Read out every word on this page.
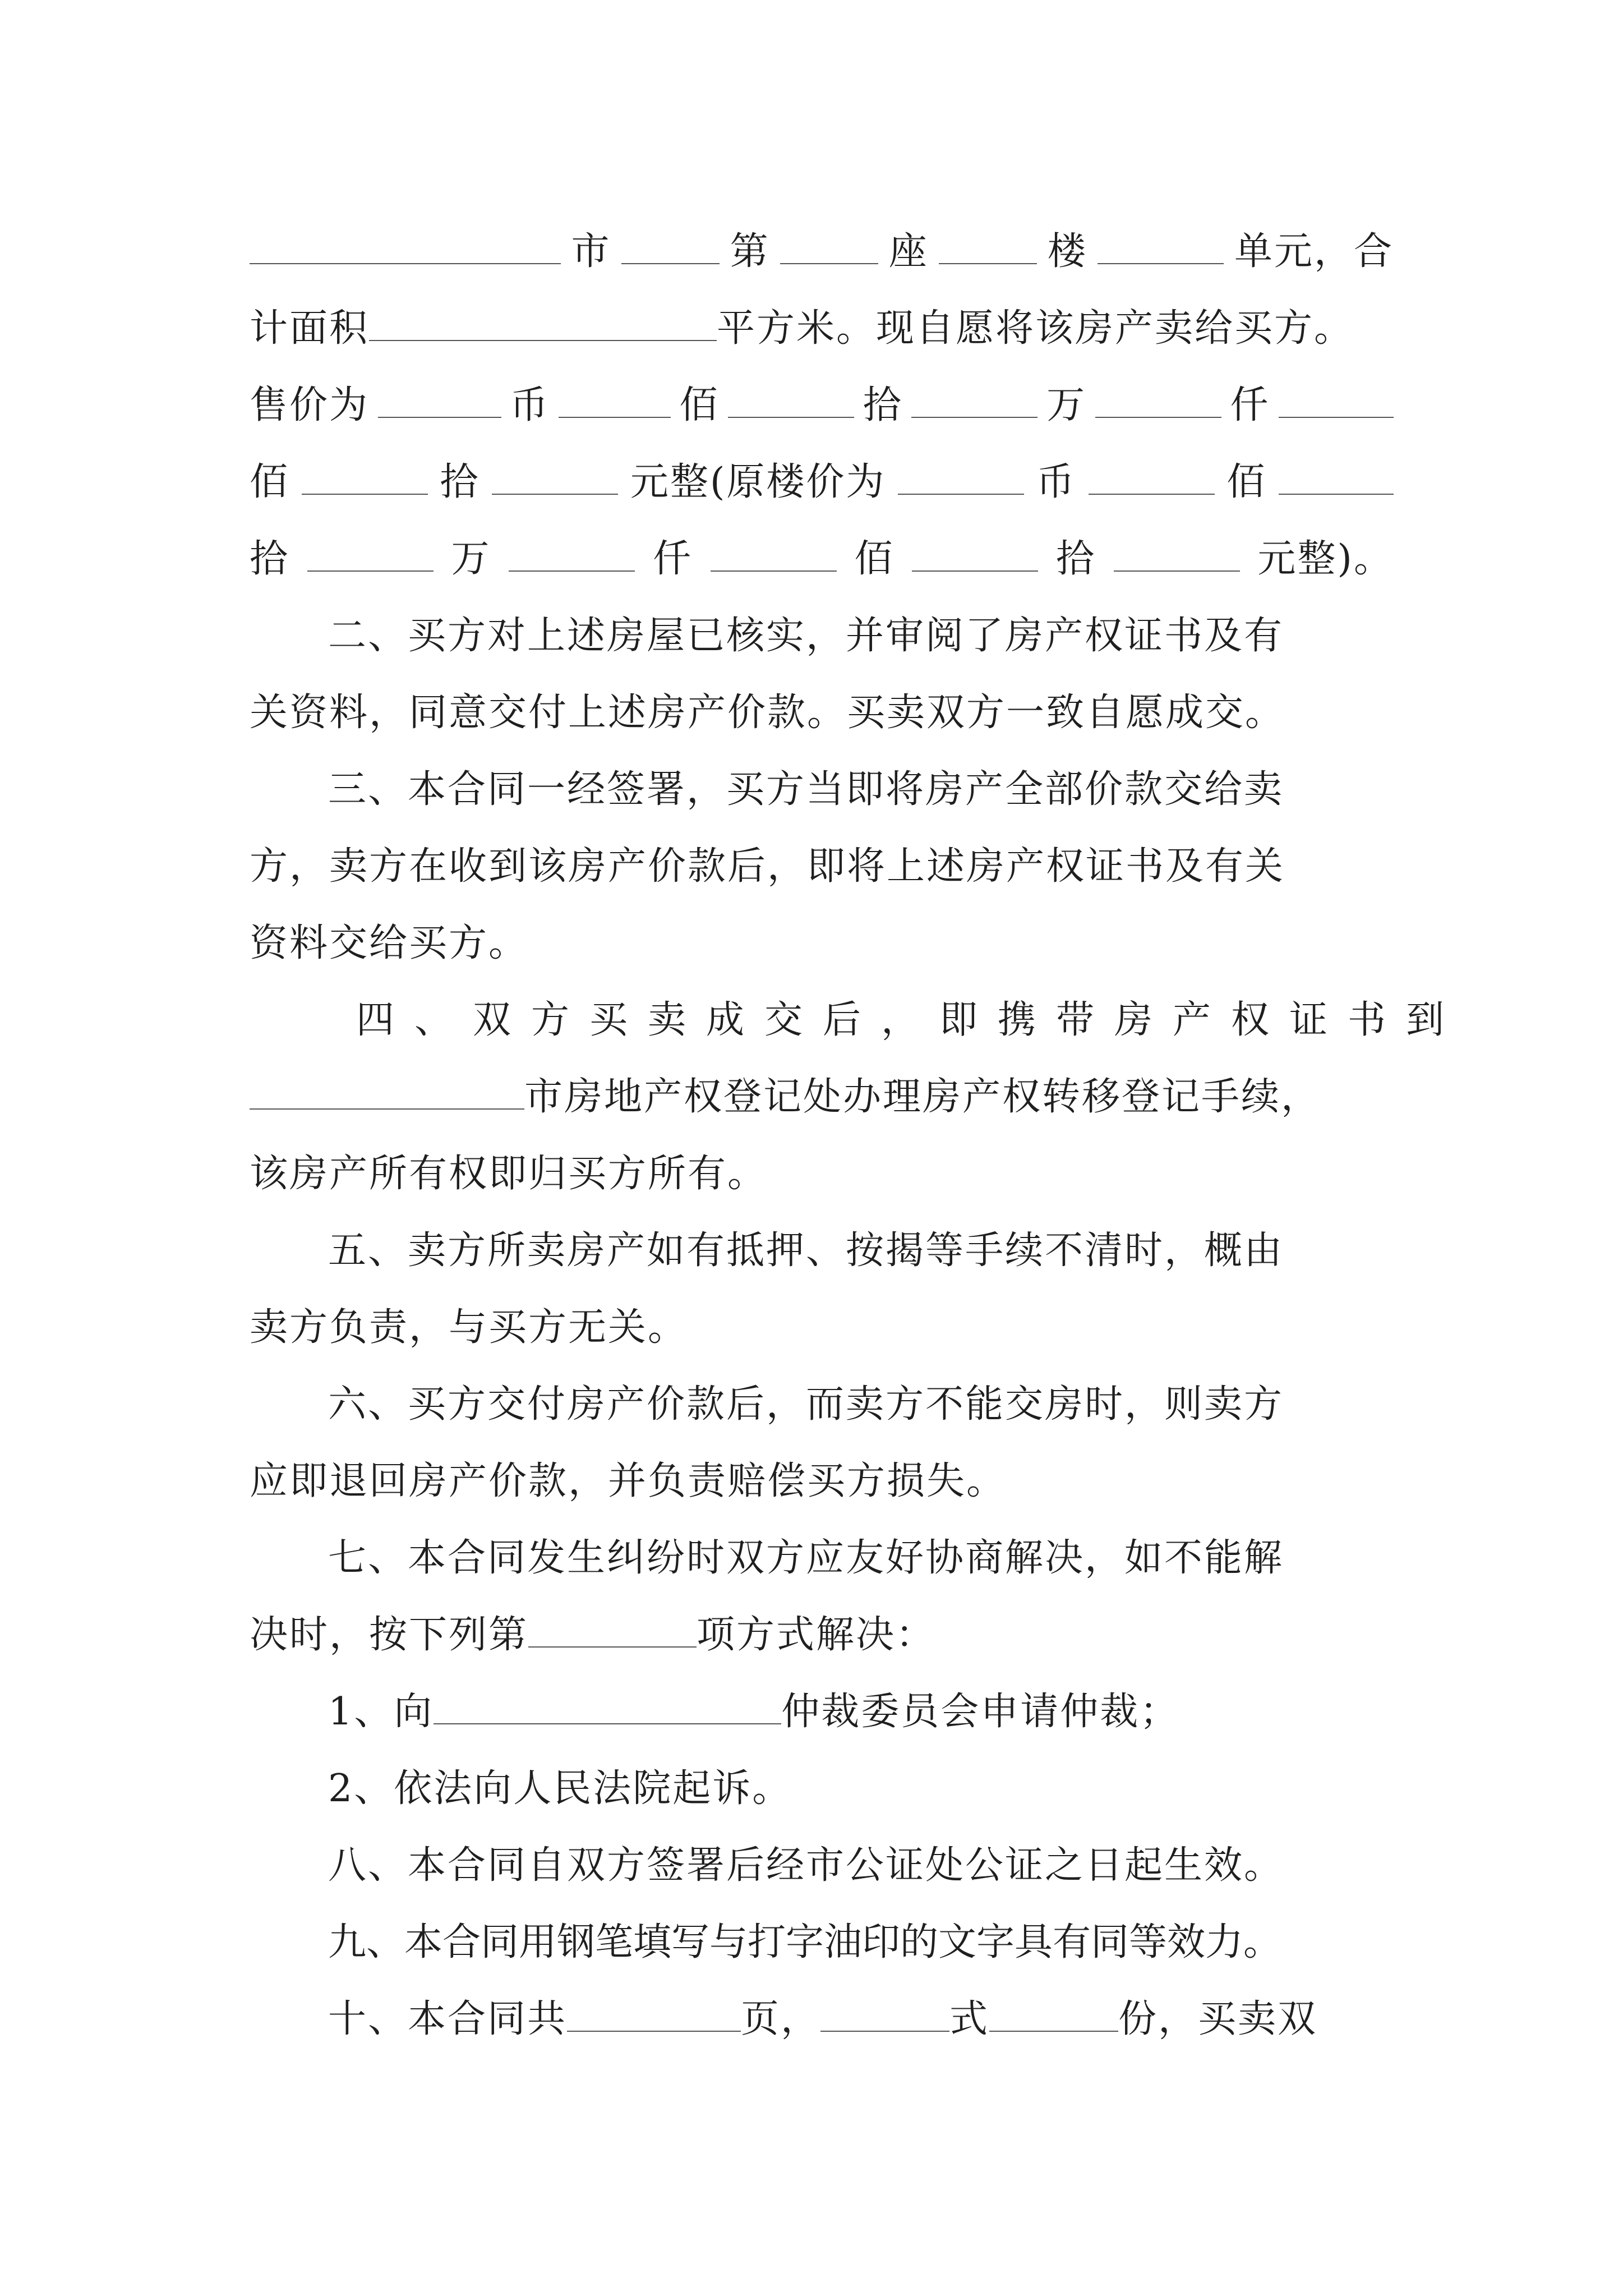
市	第	座	楼	单元，合
计面积	平方米。现自愿将该房产卖给买方。
售价为	币	佰	拾	万	仟
佰	拾	元整(原楼价为	币	佰
拾	万	仟	佰	拾	元整)。
二、买方对上述房屋已核实，并审阅了房产权证书及有
关资料，同意交付上述房产价款。买卖双方一致自愿成交。
三、本合同一经签署，买方当即将房产全部价款交给卖
方，卖方在收到该房产价款后，即将上述房产权证书及有关
资料交给买方。
四、双方买卖成交后，即携带房产权证书到
市房地产权登记处办理房产权转移登记手续，
该房产所有权即归买方所有。
五、卖方所卖房产如有抵押、按揭等手续不清时，概由
卖方负责，与买方无关。
六、买方交付房产价款后，而卖方不能交房时，则卖方
应即退回房产价款，并负责赔偿买方损失。
七、本合同发生纠纷时双方应友好协商解决，如不能解
决时，按下列第	项方式解决：
1、向	仲裁委员会申请仲裁；
2、依法向人民法院起诉。
八、本合同自双方签署后经市公证处公证之日起生效。
九、本合同用钢笔填写与打字油印的文字具有同等效力。
十、本合同共	页，	式	份，买卖双
